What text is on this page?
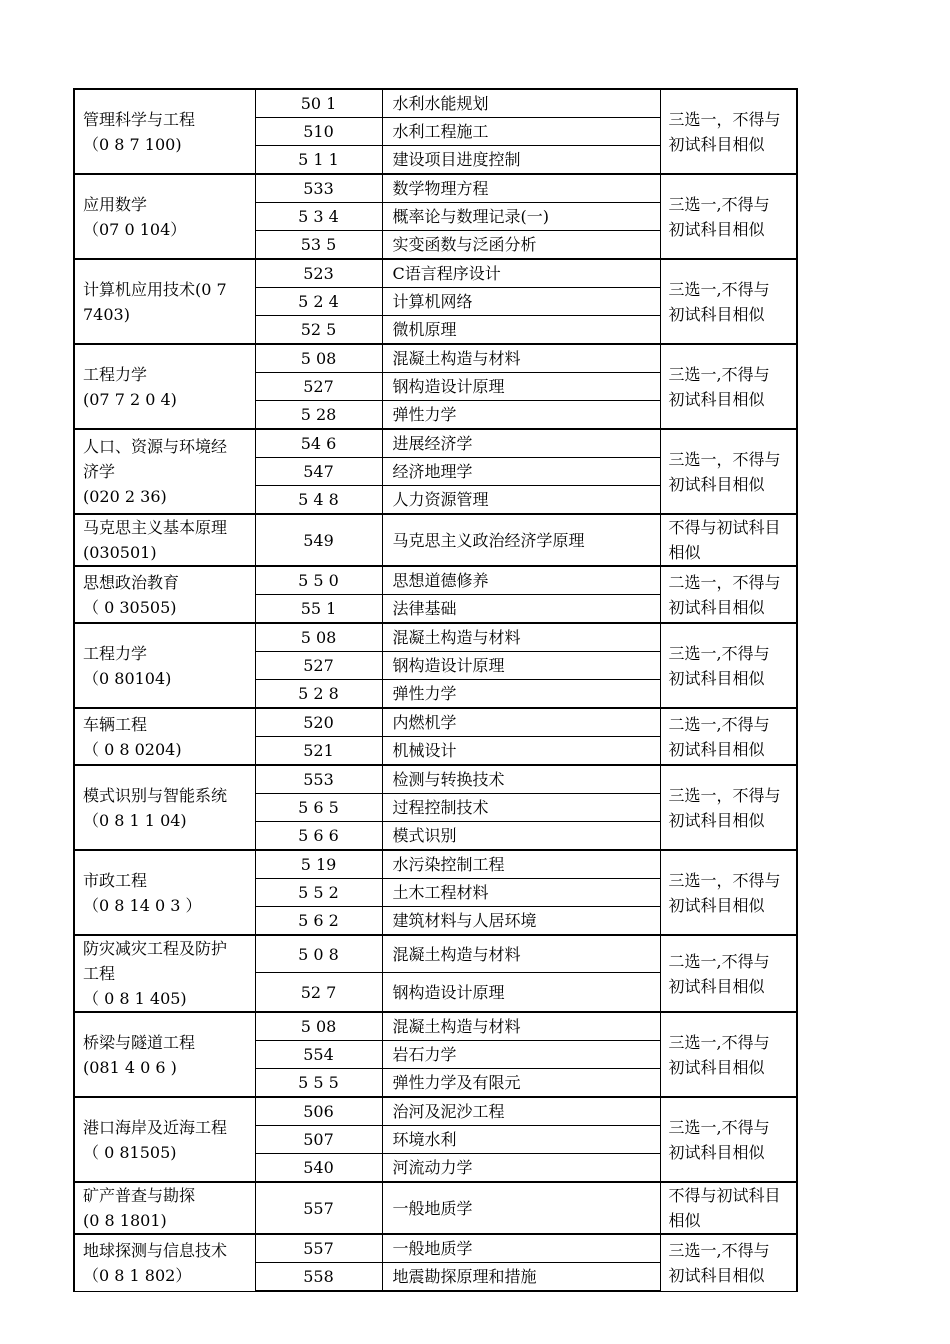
管理科学与工程
（0 8 7 100)	50 1	水利水能规划	三选一，不得与
初试科目相似

	510	水利工程施工	
	5 1 1	建设项目进度控制	

应用数学
（07 0 104）	533	数学物理方程	三选一,不得与
初试科目相似

	5 3 4	概率论与数理记录(一)	
	53 5	实变函数与泛函分析	

计算机应用技术(0 7
7403)	523	C语言程序设计	三选一,不得与
初试科目相似

	5 2 4	计算机网络	
	52 5	微机原理	

工程力学
(07 7 2 0 4)	5 08	混凝土构造与材料	三选一,不得与
初试科目相似

	527	钢构造设计原理	
	5 28	弹性力学	

人口、资源与环境经
济学
(020 2 36)	54 6	进展经济学	三选一，不得与
初试科目相似

	547	经济地理学	
	5 4 8	人力资源管理	

马克思主义基本原理
(030501)	549	马克思主义政治经济学原理	不得与初试科目
相似

思想政治教育
（ 0 30505)	5 5 0	思想道德修养	二选一，不得与
初试科目相似

	55 1	法律基础	

工程力学
（0 80104)	5 08	混凝土构造与材料	三选一,不得与
初试科目相似

	527	钢构造设计原理	
	5 2 8	弹性力学	

车辆工程
（ 0 8 0204)	520	内燃机学	二选一,不得与
初试科目相似

	521	机械设计	

模式识别与智能系统
（0 8 1 1 04)	553	检测与转换技术	三选一，不得与
初试科目相似

	5 6 5	过程控制技术	
	5 6 6	模式识别	

市政工程
（0 8 14 0 3 ）	5 19	水污染控制工程	三选一，不得与
初试科目相似

	5 5 2	土木工程材料	
	5 6 2	建筑材料与人居环境	

防灾减灾工程及防护
工程
（ 0 8 1 405)	5 0 8	混凝土构造与材料	二选一,不得与
初试科目相似

	52 7	钢构造设计原理	

桥梁与隧道工程
(081 4 0 6 )	5 08	混凝土构造与材料	三选一,不得与
初试科目相似

	554	岩石力学	
	5 5 5	弹性力学及有限元	

港口海岸及近海工程
（ 0 81505)	506	治河及泥沙工程	三选一,不得与
初试科目相似

	507	环境水利	
	540	河流动力学	

矿产普查与勘探
(0 8 1801)	557	一般地质学	不得与初试科目
相似

地球探测与信息技术
（0 8 1 802）	557	一般地质学	三选一,不得与
初试科目相似

	558	地震勘探原理和措施	
